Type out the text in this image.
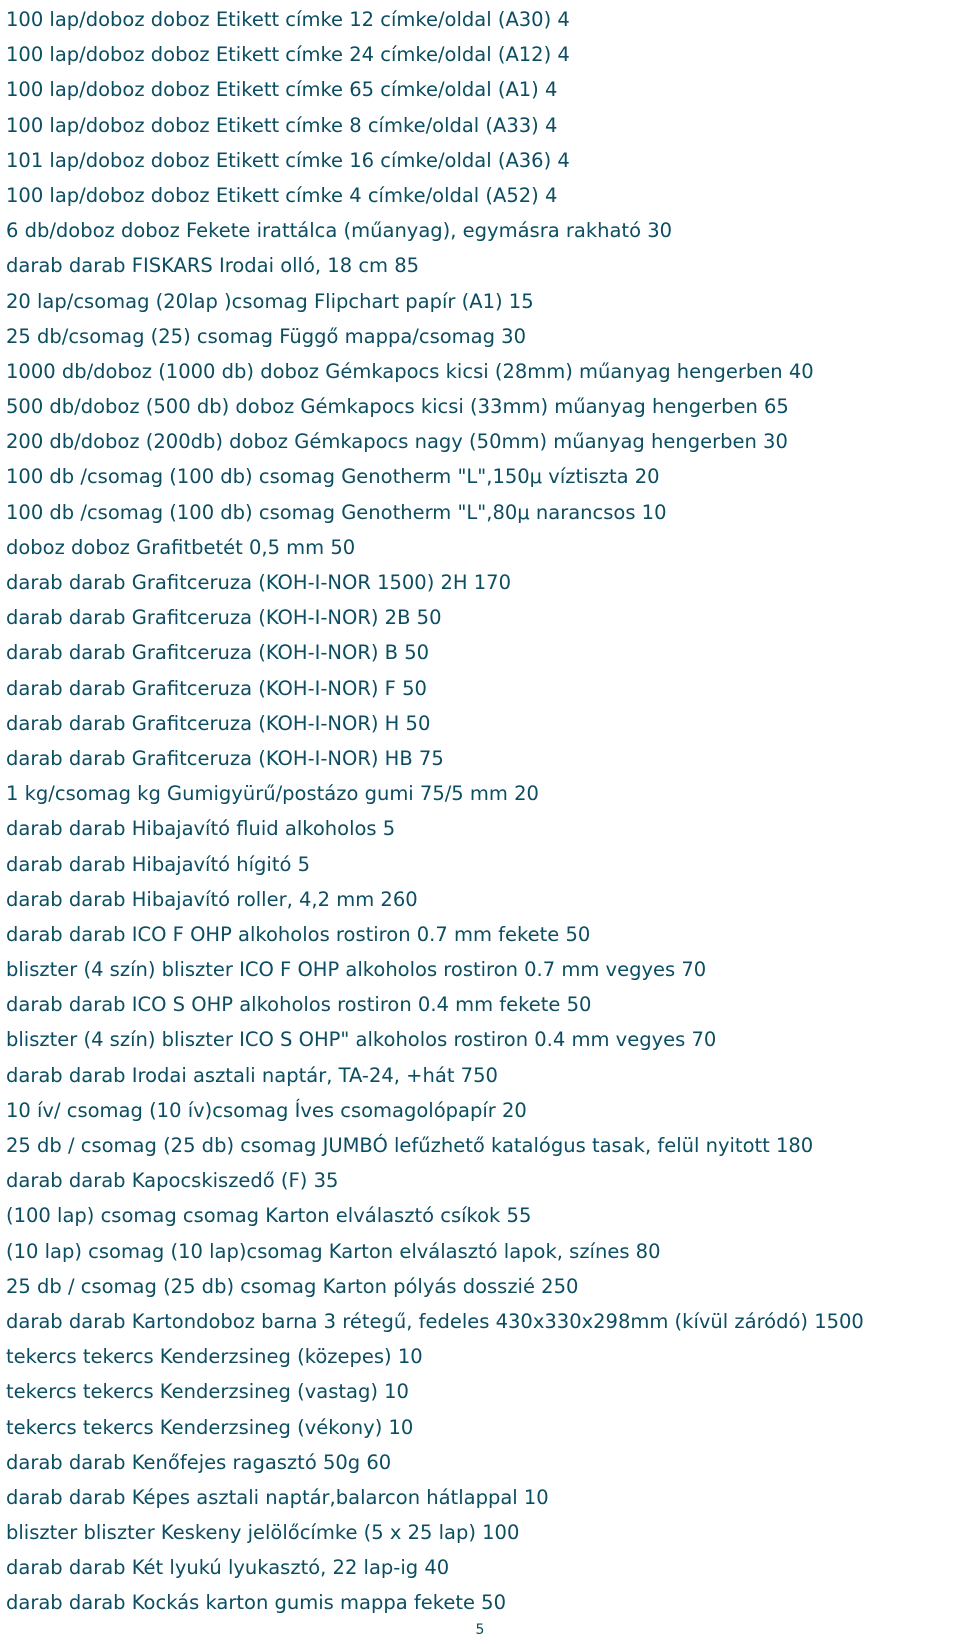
100 lap/doboz doboz Etikett címke 12 címke/oldal (A30) 4
100 lap/doboz doboz Etikett címke 24 címke/oldal (A12) 4
100 lap/doboz doboz Etikett címke 65 címke/oldal (A1) 4
100 lap/doboz doboz Etikett címke 8 címke/oldal (A33) 4
101 lap/doboz doboz Etikett címke 16 címke/oldal (A36) 4
100 lap/doboz doboz Etikett címke 4 címke/oldal (A52) 4
6 db/doboz doboz Fekete irattálca (műanyag), egymásra rakható 30
darab darab FISKARS Irodai olló, 18 cm 85
20 lap/csomag (20lap )csomag Flipchart papír (A1) 15
25 db/csomag (25) csomag Függő mappa/csomag 30
1000 db/doboz (1000 db) doboz Gémkapocs kicsi (28mm) műanyag hengerben 40
500 db/doboz (500 db) doboz Gémkapocs kicsi (33mm) műanyag hengerben 65
200 db/doboz (200db) doboz Gémkapocs nagy (50mm) műanyag hengerben 30
100 db /csomag (100 db) csomag Genotherm "L",150μ víztiszta 20
100 db /csomag (100 db) csomag Genotherm "L",80μ narancsos 10
doboz doboz Grafitbetét 0,5 mm 50
darab darab Grafitceruza (KOH-I-NOR 1500) 2H 170
darab darab Grafitceruza (KOH-I-NOR) 2B 50
darab darab Grafitceruza (KOH-I-NOR) B 50
darab darab Grafitceruza (KOH-I-NOR) F 50
darab darab Grafitceruza (KOH-I-NOR) H 50
darab darab Grafitceruza (KOH-I-NOR) HB 75
1 kg/csomag kg Gumigyürű/postázo gumi 75/5 mm 20
darab darab Hibajavító fluid alkoholos 5
darab darab Hibajavító hígitó 5
darab darab Hibajavító roller, 4,2 mm 260
darab darab ICO F OHP alkoholos rostiron 0.7 mm fekete 50
bliszter (4 szín) bliszter ICO F OHP alkoholos rostiron 0.7 mm vegyes 70
darab darab ICO S OHP alkoholos rostiron 0.4 mm fekete 50
bliszter (4 szín) bliszter ICO S OHP" alkoholos rostiron 0.4 mm vegyes 70
darab darab Irodai asztali naptár, TA-24, +hát 750
10 ív/ csomag (10 ív)csomag Íves csomagolópapír 20
25 db / csomag (25 db) csomag JUMBÓ lefűzhető katalógus tasak, felül nyitott 180
darab darab Kapocskiszedő (F) 35
(100 lap) csomag csomag Karton elválasztó csíkok 55
(10 lap) csomag (10 lap)csomag Karton elválasztó lapok, színes 80
25 db / csomag (25 db) csomag Karton pólyás dosszié 250
darab darab Kartondoboz barna 3 rétegű, fedeles 430x330x298mm (kívül záródó) 1500
tekercs tekercs Kenderzsineg (közepes) 10
tekercs tekercs Kenderzsineg (vastag) 10
tekercs tekercs Kenderzsineg (vékony) 10
darab darab Kenőfejes ragasztó 50g 60
darab darab Képes asztali naptár,balarcon hátlappal 10
bliszter bliszter Keskeny jelölőcímke (5 x 25 lap) 100
darab darab Két lyukú lyukasztó, 22 lap-ig 40
darab darab Kockás karton gumis mappa fekete 50
5
